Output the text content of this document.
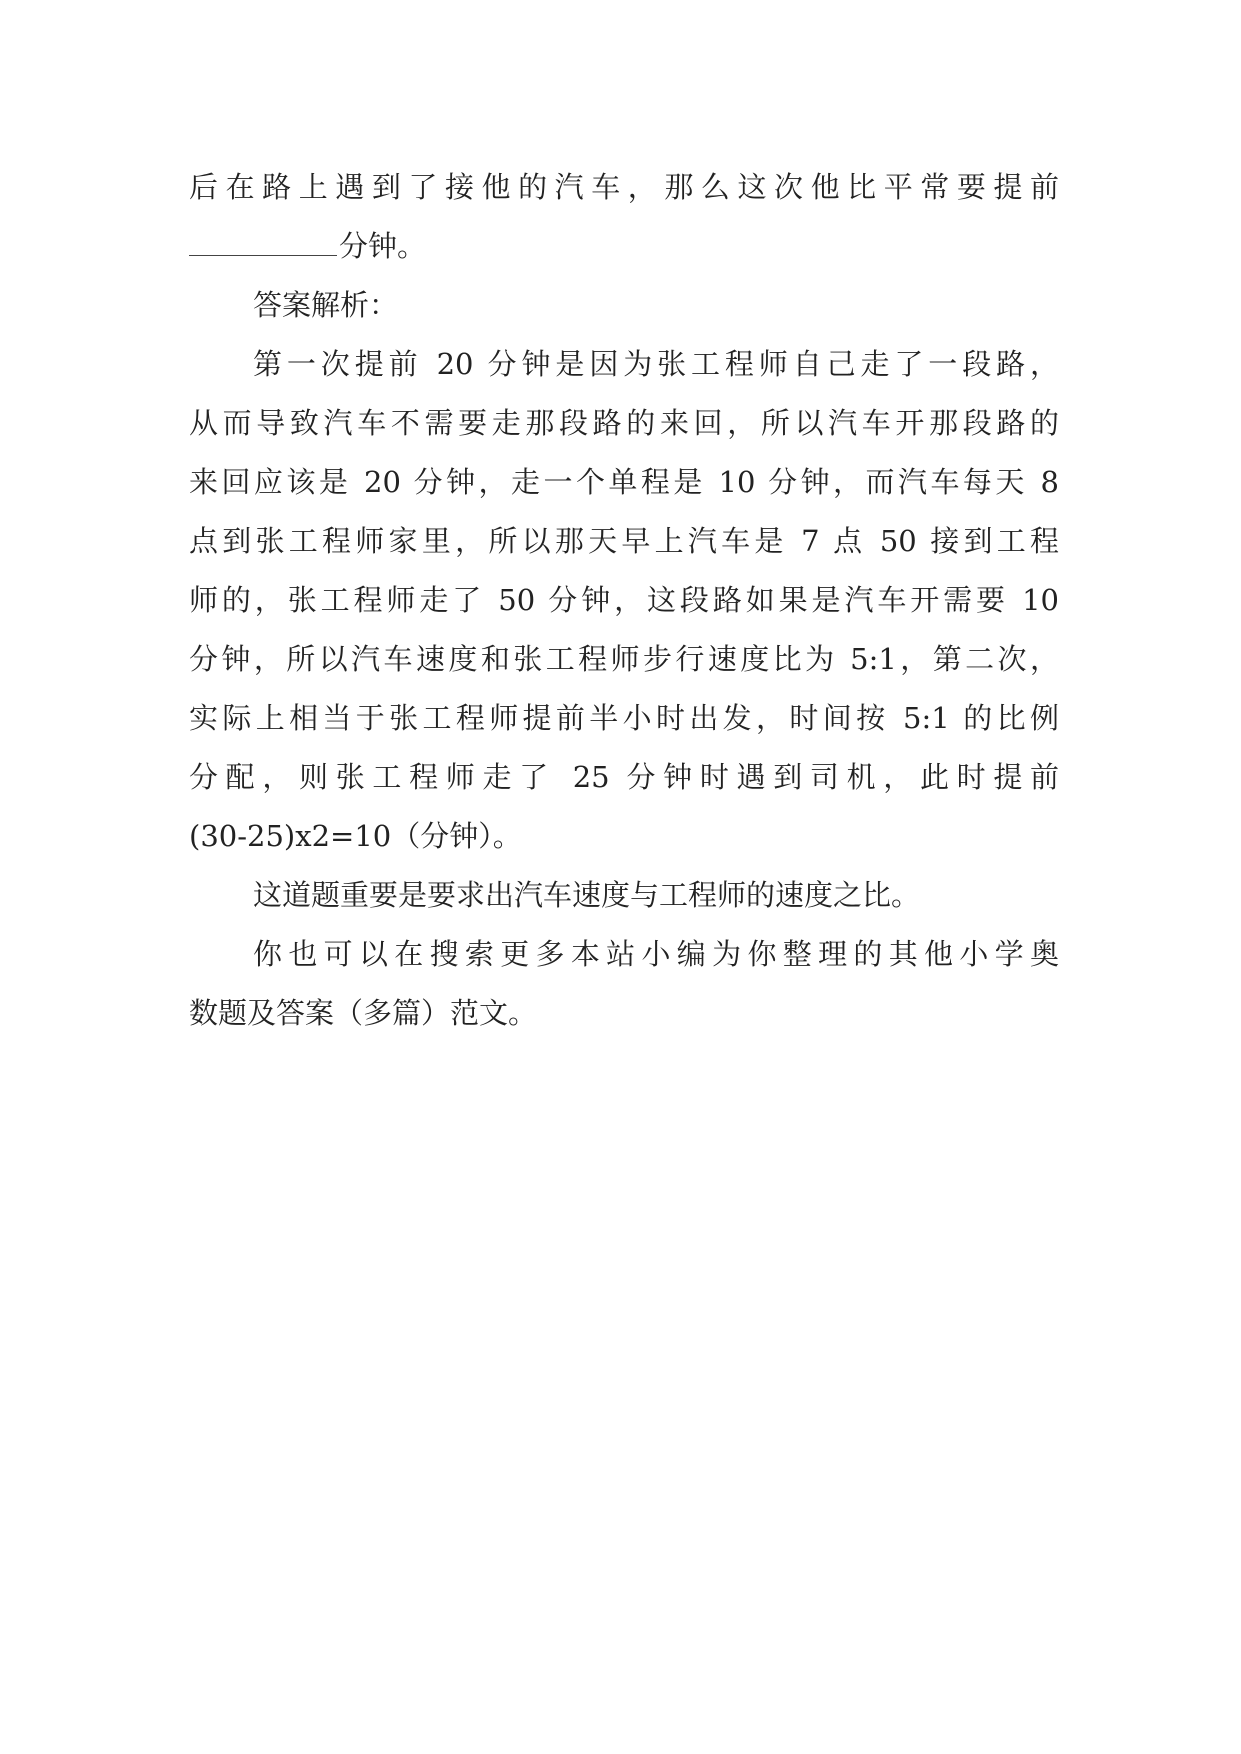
后在路上遇到了接他的汽车，那么这次他比平常要提前
分钟。
答案解析：
第一次提前 20 分钟是因为张工程师自己走了一段路，
从而导致汽车不需要走那段路的来回，所以汽车开那段路的
来回应该是 20 分钟，走一个单程是 10 分钟，而汽车每天 8
点到张工程师家里，所以那天早上汽车是 7 点 50 接到工程
师的，张工程师走了 50 分钟，这段路如果是汽车开需要 10
分钟，所以汽车速度和张工程师步行速度比为 5:1，第二次，
实际上相当于张工程师提前半小时出发，时间按 5:1 的比例
分配，则张工程师走了 25 分钟时遇到司机，此时提前
(30-25)x2=10（分钟）。
这道题重要是要求出汽车速度与工程师的速度之比。
你也可以在搜索更多本站小编为你整理的其他小学奥
数题及答案（多篇）范文。
